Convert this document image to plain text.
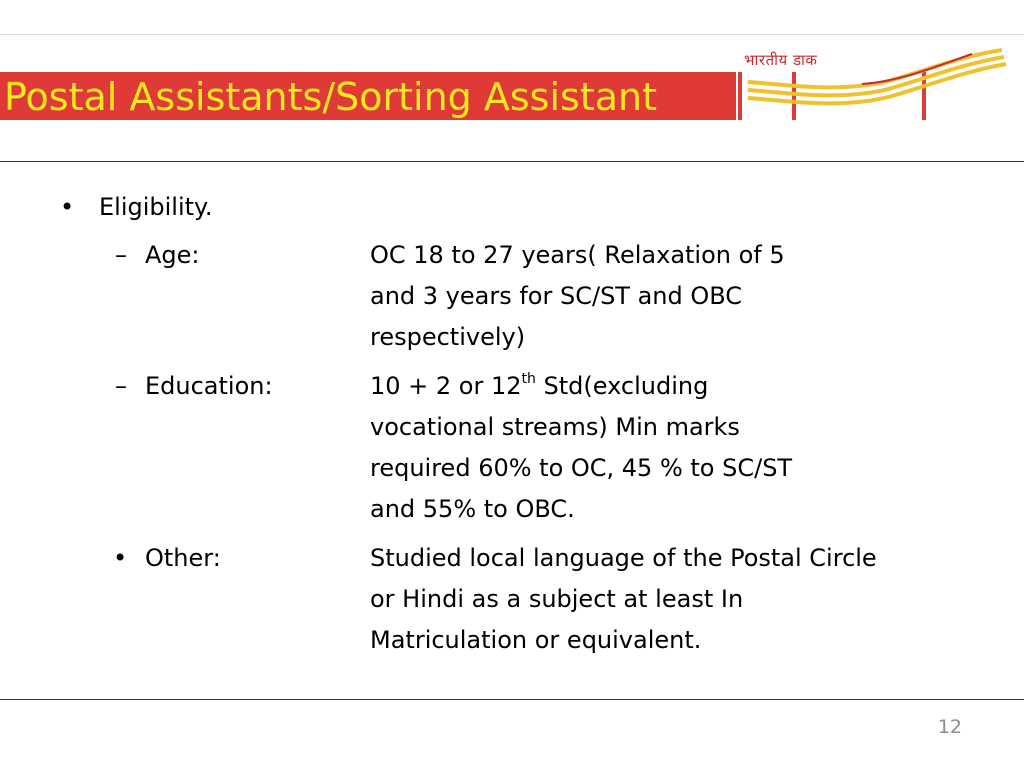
Postal Assistants/Sorting Assistant
भारतीय डाक
• Eligibility.
– Age:	OC 18 to 27 years( Relaxation of 5
and 3 years for SC/ST and OBC
respectively)
– Education:	10 + 2 or 12th Std(excluding
vocational streams) Min marks
required 60% to OC, 45 % to SC/ST
and 55% to OBC.
• Other:	Studied local language of the Postal Circle
or Hindi as a subject at least In
Matriculation or equivalent.
12
